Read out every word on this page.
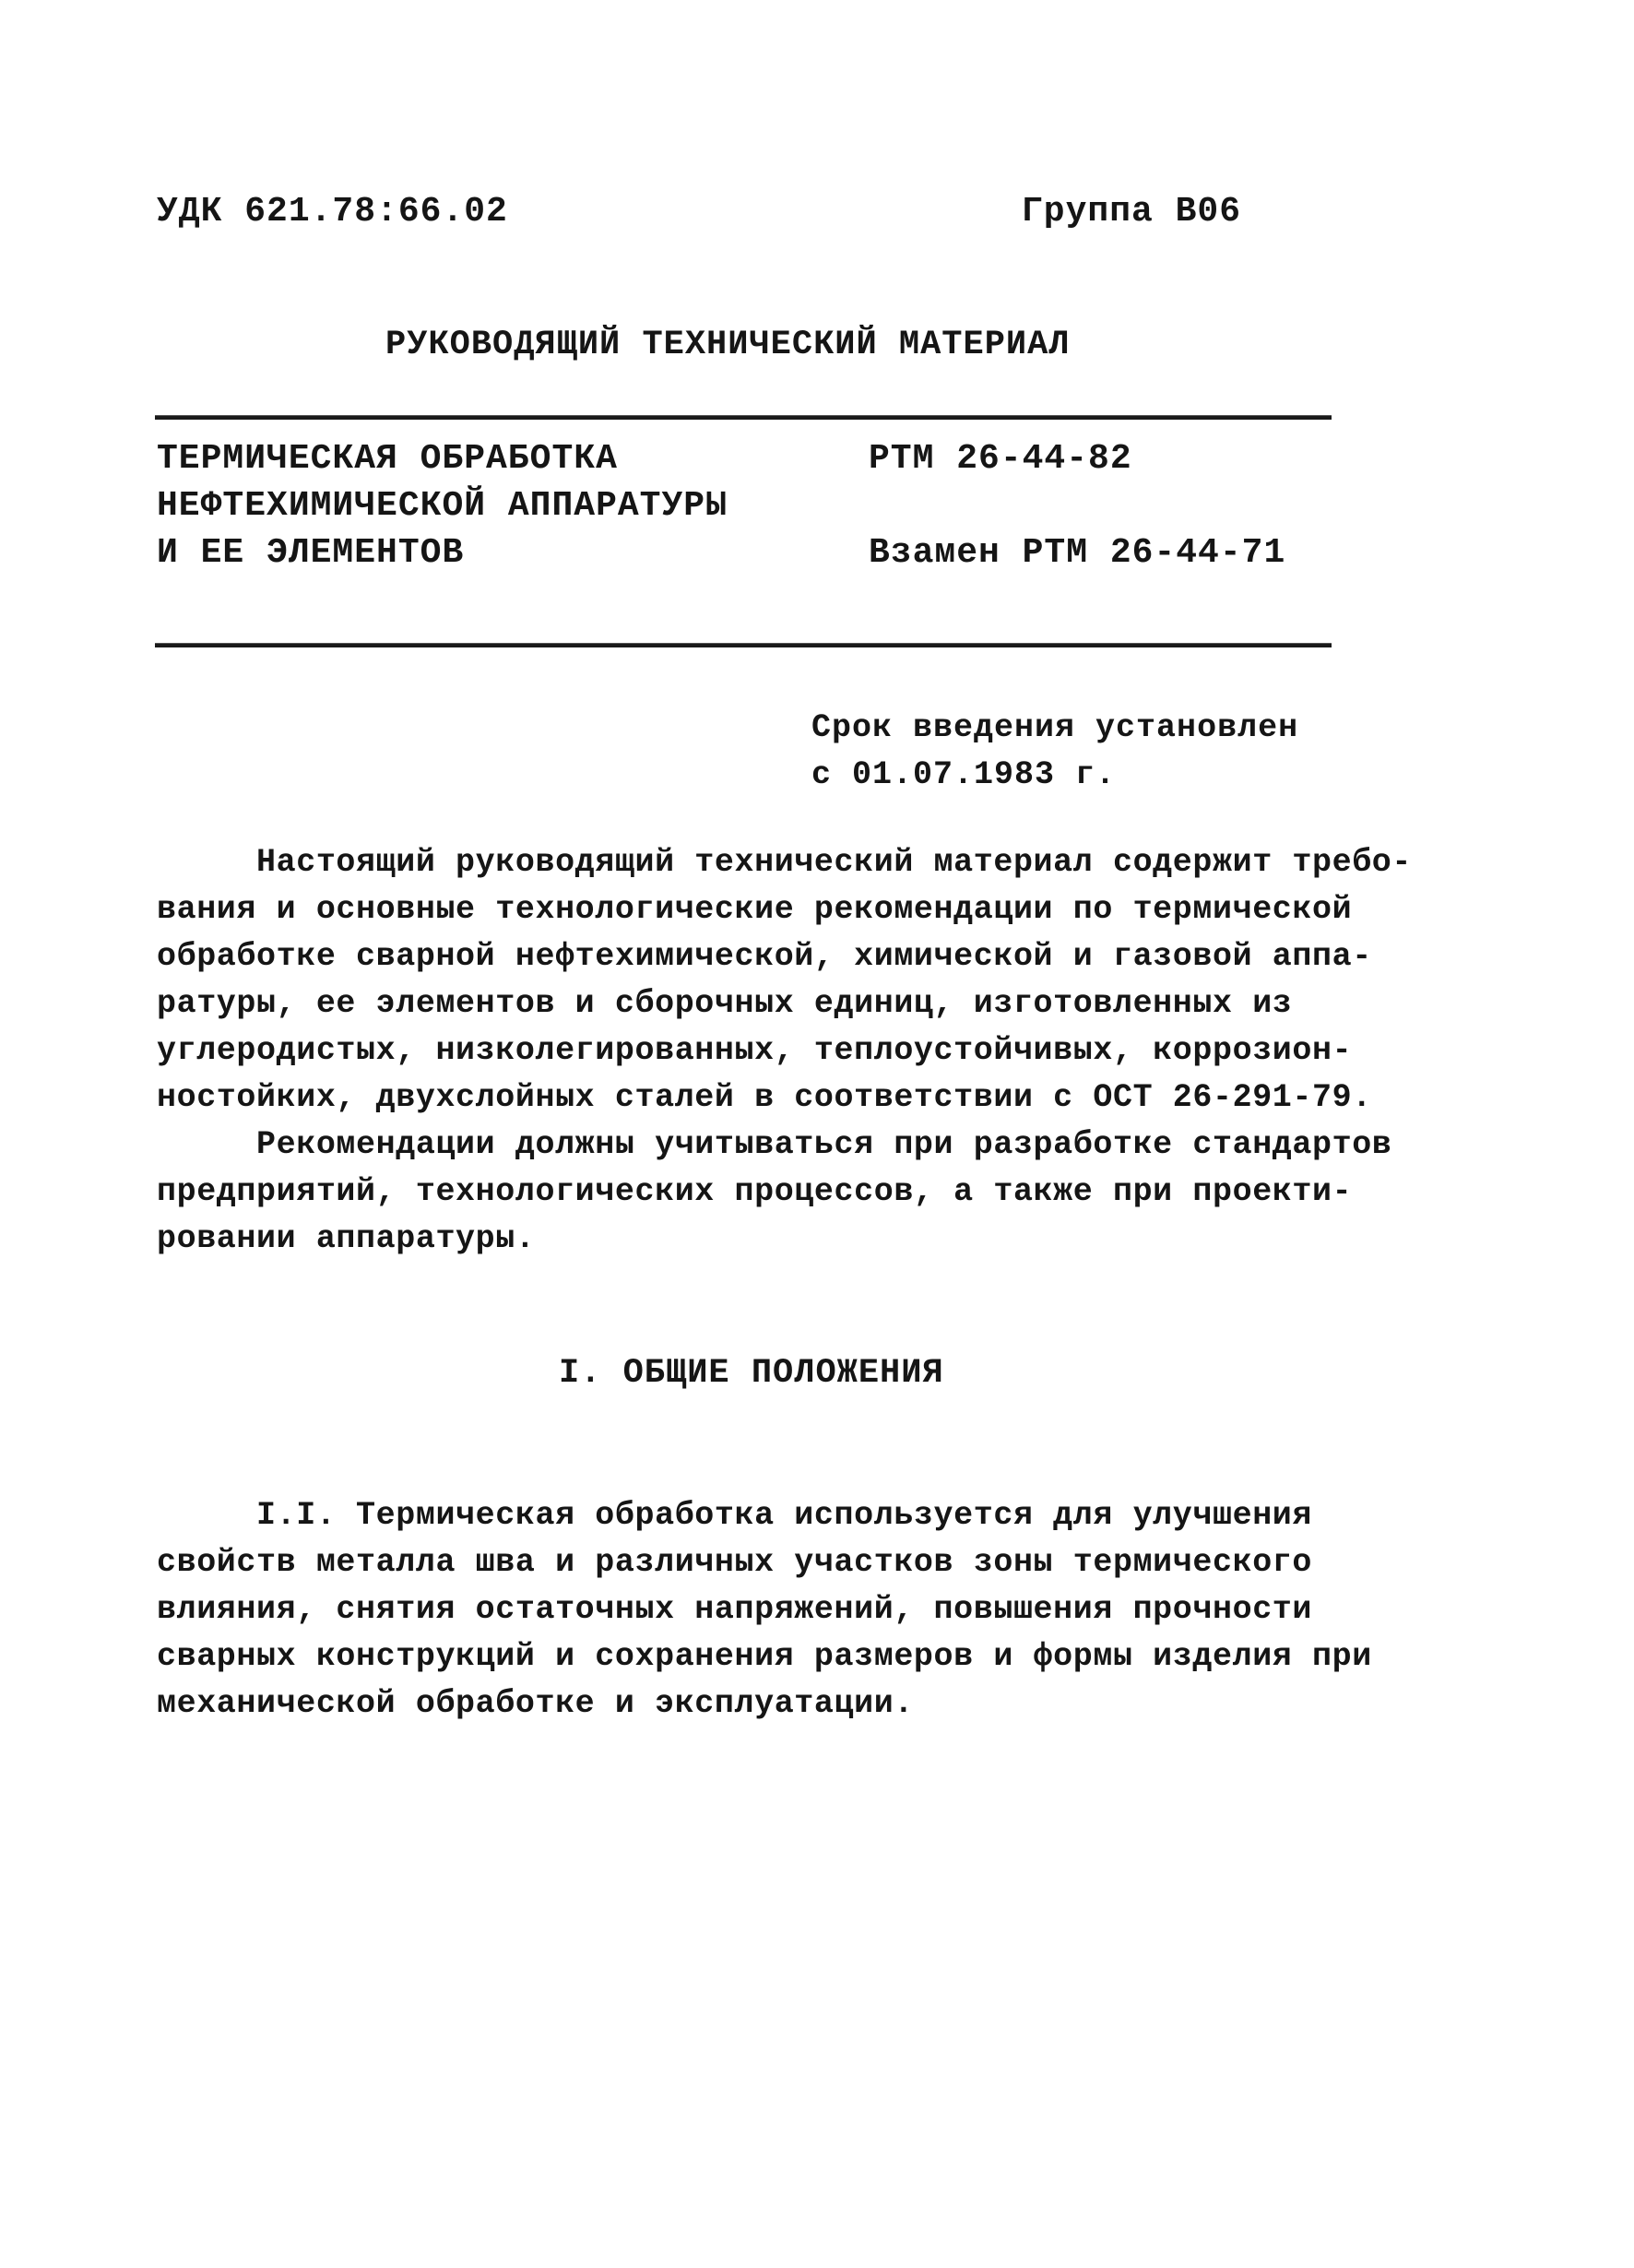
УДК 621.78:66.02	Группа В06
РУКОВОДЯЩИЙ ТЕХНИЧЕСКИЙ МАТЕРИАЛ
ТЕРМИЧЕСКАЯ ОБРАБОТКА
НЕФТЕХИМИЧЕСКОЙ АППАРАТУРЫ
И ЕЕ ЭЛЕМЕНТОВ
РТМ 26-44-82
Взамен РТМ 26-44-71
Срок введения установлен
с 01.07.1983 г.
Настоящий руководящий технический материал содержит требо-
вания и основные технологические рекомендации по термической
обработке сварной нефтехимической, химической и газовой аппа-
ратуры, ее элементов и сборочных единиц, изготовленных из
углеродистых, низколегированных, теплоустойчивых, коррозион-
ностойких, двухслойных сталей в соответствии с ОСТ 26-291-79.
Рекомендации должны учитываться при разработке стандартов
предприятий, технологических процессов, а также при проекти-
ровании аппаратуры.
I. ОБЩИЕ ПОЛОЖЕНИЯ
I.I. Термическая обработка используется для улучшения
свойств металла шва и различных участков зоны термического
влияния, снятия остаточных напряжений, повышения прочности
сварных конструкций и сохранения размеров и формы изделия при
механической обработке и эксплуатации.
